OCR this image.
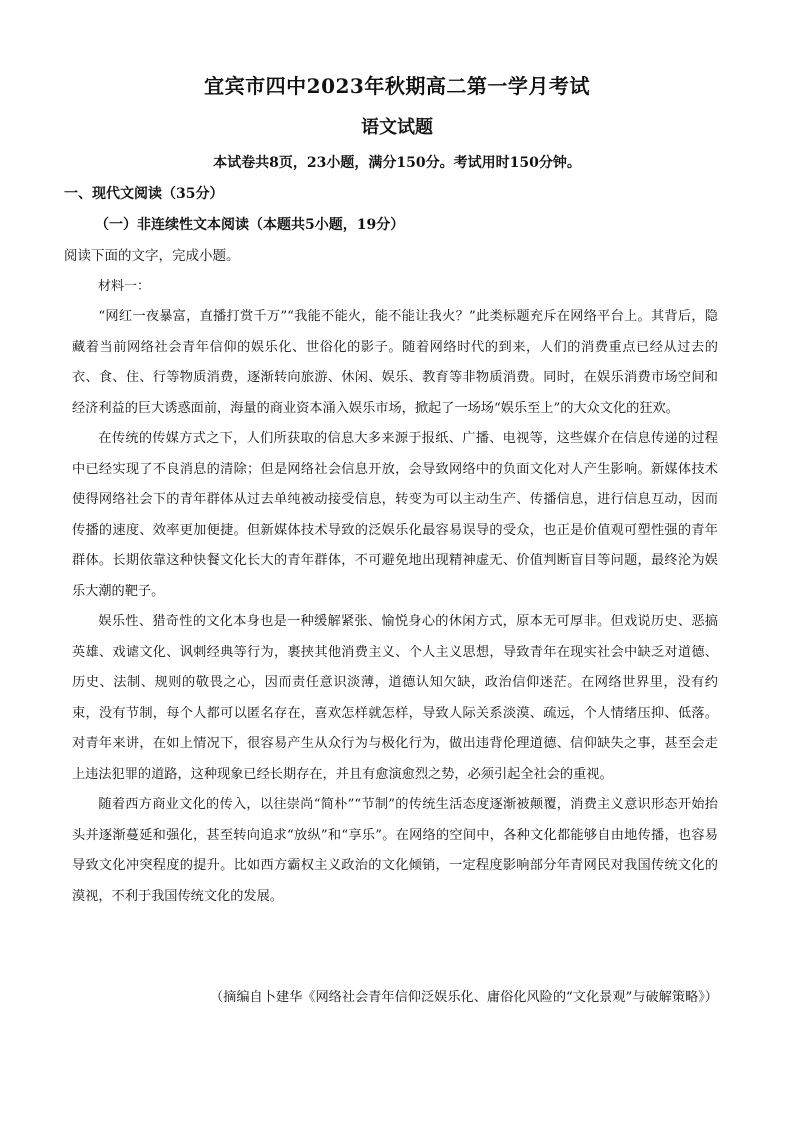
宜宾市四中2023年秋期高二第一学月考试
语文试题
本试卷共8页，23小题，满分150分。考试用时150分钟。
一、现代文阅读（35分）
（一）非连续性文本阅读（本题共5小题，19分）
阅读下面的文字，完成小题。
材料一：

“网红一夜暴富，直播打赏千万”“我能不能火，能不能让我火？”此类标题充斥在网络平台上。其背后，隐藏着当前网络社会青年信仰的娱乐化、世俗化的影子。随着网络时代的到来，人们的消费重点已经从过去的衣、食、住、行等物质消费，逐渐转向旅游、休闲、娱乐、教育等非物质消费。同时，在娱乐消费市场空间和经济利益的巨大诱惑面前，海量的商业资本涌入娱乐市场，掀起了一场场“娱乐至上”的大众文化的狂欢。

在传统的传媒方式之下，人们所获取的信息大多来源于报纸、广播、电视等，这些媒介在信息传递的过程中已经实现了不良消息的清除；但是网络社会信息开放，会导致网络中的负面文化对人产生影响。新媒体技术使得网络社会下的青年群体从过去单纯被动接受信息，转变为可以主动生产、传播信息，进行信息互动，因而传播的速度、效率更加便捷。但新媒体技术导致的泛娱乐化最容易误导的受众，也正是价值观可塑性强的青年群体。长期依靠这种快餐文化长大的青年群体，不可避免地出现精神虚无、价值判断盲目等问题，最终沦为娱乐大潮的靶子。

娱乐性、猎奇性的文化本身也是一种缓解紧张、愉悦身心的休闲方式，原本无可厚非。但戏说历史、恶搞英雄、戏谑文化、讽刺经典等行为，裹挟其他消费主义、个人主义思想，导致青年在现实社会中缺乏对道德、历史、法制、规则的敬畏之心，因而责任意识淡薄，道德认知欠缺，政治信仰迷茫。在网络世界里，没有约束，没有节制，每个人都可以匿名存在，喜欢怎样就怎样，导致人际关系淡漠、疏远，个人情绪压抑、低落。对青年来讲，在如上情况下，很容易产生从众行为与极化行为，做出违背伦理道德、信仰缺失之事，甚至会走上违法犯罪的道路，这种现象已经长期存在，并且有愈演愈烈之势，必须引起全社会的重视。

随着西方商业文化的传入，以往崇尚“简朴”“节制”的传统生活态度逐渐被颠覆，消费主义意识形态开始抬头并逐渐蔓延和强化，甚至转向追求“放纵”和“享乐”。在网络的空间中，各种文化都能够自由地传播，也容易导致文化冲突程度的提升。比如西方霸权主义政治的文化倾销，一定程度影响部分年青网民对我国传统文化的漠视，不利于我国传统文化的发展。

（摘编自卜建华《网络社会青年信仰泛娱乐化、庸俗化风险的“文化景观”与破解策略》）
